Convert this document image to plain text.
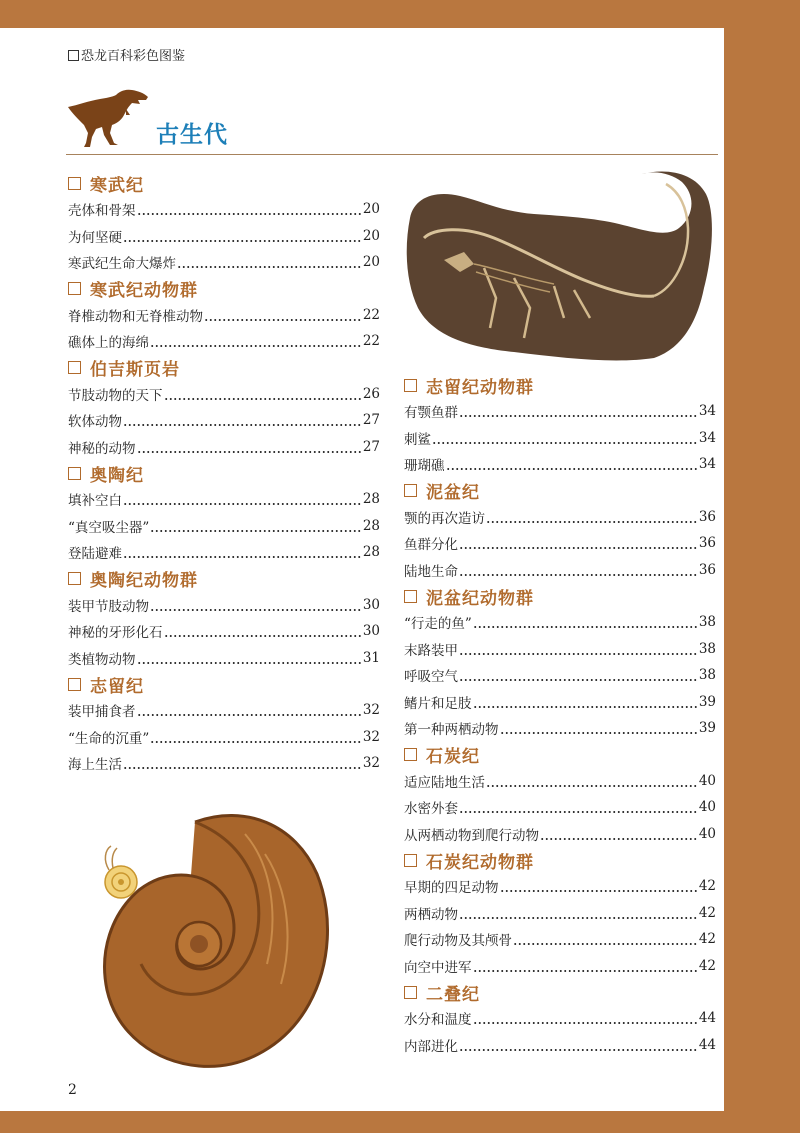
恐龙百科彩色图鉴
古生代
寒武纪
壳体和骨架	20
为何坚硬	20
寒武纪生命大爆炸	20
寒武纪动物群
脊椎动物和无脊椎动物	22
礁体上的海绵	22
伯吉斯页岩
节肢动物的天下	26
软体动物	27
神秘的动物	27
奥陶纪
填补空白	28
“真空吸尘器”	28
登陆避难	28
奥陶纪动物群
装甲节肢动物	30
神秘的牙形化石	30
类植物动物	31
志留纪
装甲捕食者	32
“生命的沉重”	32
海上生活	32
志留纪动物群
有颚鱼群	34
刺鲨	34
珊瑚礁	34
泥盆纪
颚的再次造访	36
鱼群分化	36
陆地生命	36
泥盆纪动物群
“行走的鱼”	38
末路装甲	38
呼吸空气	38
鳍片和足肢	39
第一种两栖动物	39
石炭纪
适应陆地生活	40
水密外套	40
从两栖动物到爬行动物	40
石炭纪动物群
早期的四足动物	42
两栖动物	42
爬行动物及其颅骨	42
向空中进军	42
二叠纪
水分和温度	44
内部进化	44
2
